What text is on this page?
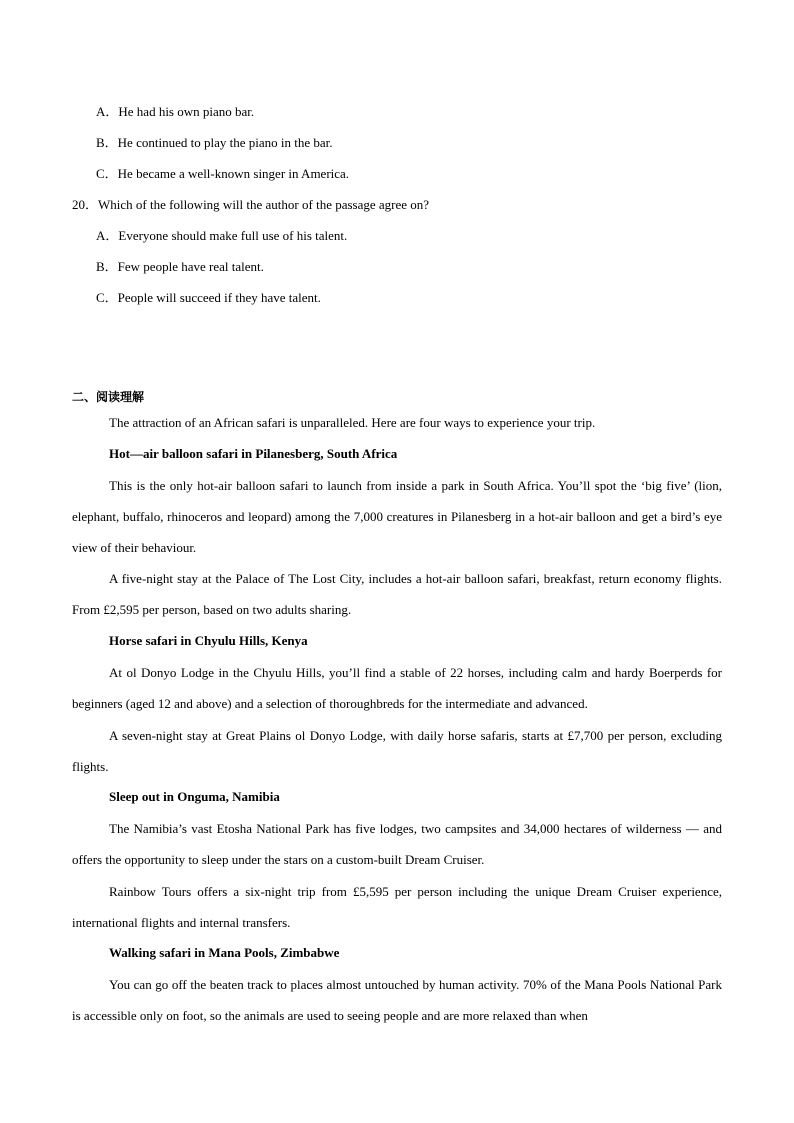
A．He had his own piano bar.
B．He continued to play the piano in the bar.
C．He became a well-known singer in America.
20．Which of the following will the author of the passage agree on?
A．Everyone should make full use of his talent.
B．Few people have real talent.
C．People will succeed if they have talent.
二、阅读理解
The attraction of an African safari is unparalleled. Here are four ways to experience your trip.
Hot—air balloon safari in Pilanesberg, South Africa
This is the only hot-air balloon safari to launch from inside a park in South Africa. You’ll spot the ‘big five’ (lion, elephant, buffalo, rhinoceros and leopard) among the 7,000 creatures in Pilanesberg in a hot-air balloon and get a bird’s eye view of their behaviour.
A five-night stay at the Palace of The Lost City, includes a hot-air balloon safari, breakfast, return economy flights. From £2,595 per person, based on two adults sharing.
Horse safari in Chyulu Hills, Kenya
At ol Donyo Lodge in the Chyulu Hills, you’ll find a stable of 22 horses, including calm and hardy Boerperds for beginners (aged 12 and above) and a selection of thoroughbreds for the intermediate and advanced.
A seven-night stay at Great Plains ol Donyo Lodge, with daily horse safaris, starts at £7,700 per person, excluding flights.
Sleep out in Onguma, Namibia
The Namibia’s vast Etosha National Park has five lodges, two campsites and 34,000 hectares of wilderness — and offers the opportunity to sleep under the stars on a custom-built Dream Cruiser.
Rainbow Tours offers a six-night trip from £5,595 per person including the unique Dream Cruiser experience, international flights and internal transfers.
Walking safari in Mana Pools, Zimbabwe
You can go off the beaten track to places almost untouched by human activity. 70% of the Mana Pools National Park is accessible only on foot, so the animals are used to seeing people and are more relaxed than when
